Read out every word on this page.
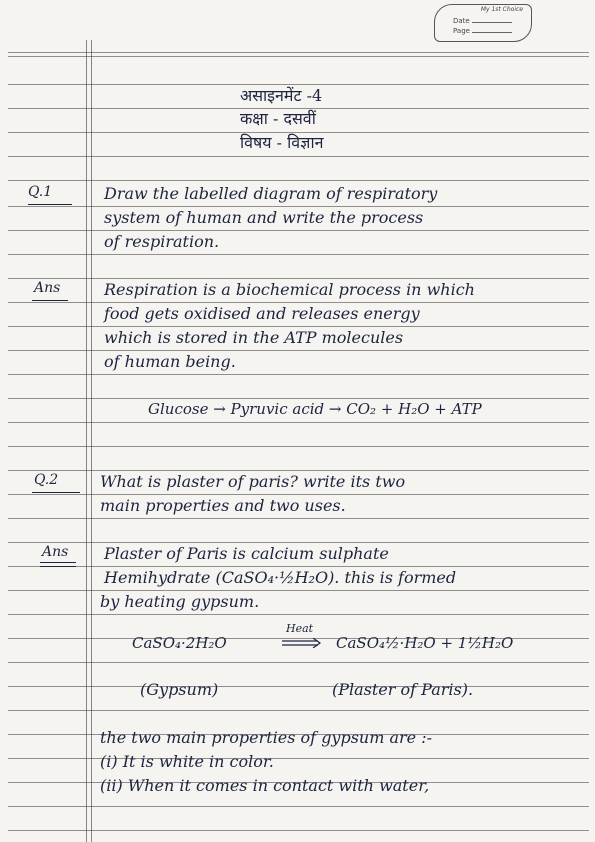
My 1st Choice
Date
Page
असाइनमेंट -4
कक्षा - दसवीं
विषय - विज्ञान
Q.1	Draw the labelled diagram of respiratory
system of human and write the process
of respiration.
Ans	Respiration is a biochemical process in which
food gets oxidised and releases energy
which is stored in the ATP molecules
of human being.
Glucose → Pyruvic acid → CO₂ + H₂O + ATP
Q.2	What is plaster of paris? write its two
main properties and two uses.
Ans Plaster of Paris is calcium sulphate
Hemihydrate (CaSO₄·½H₂O). this is formed
by heating gypsum.
CaSO₄·2H₂O
Heat
CaSO₄½·H₂O + 1½H₂O
(Gypsum)	(Plaster of Paris).
the two main properties of gypsum are :-
(i) It is white in color.
(ii) When it comes in contact with water,
